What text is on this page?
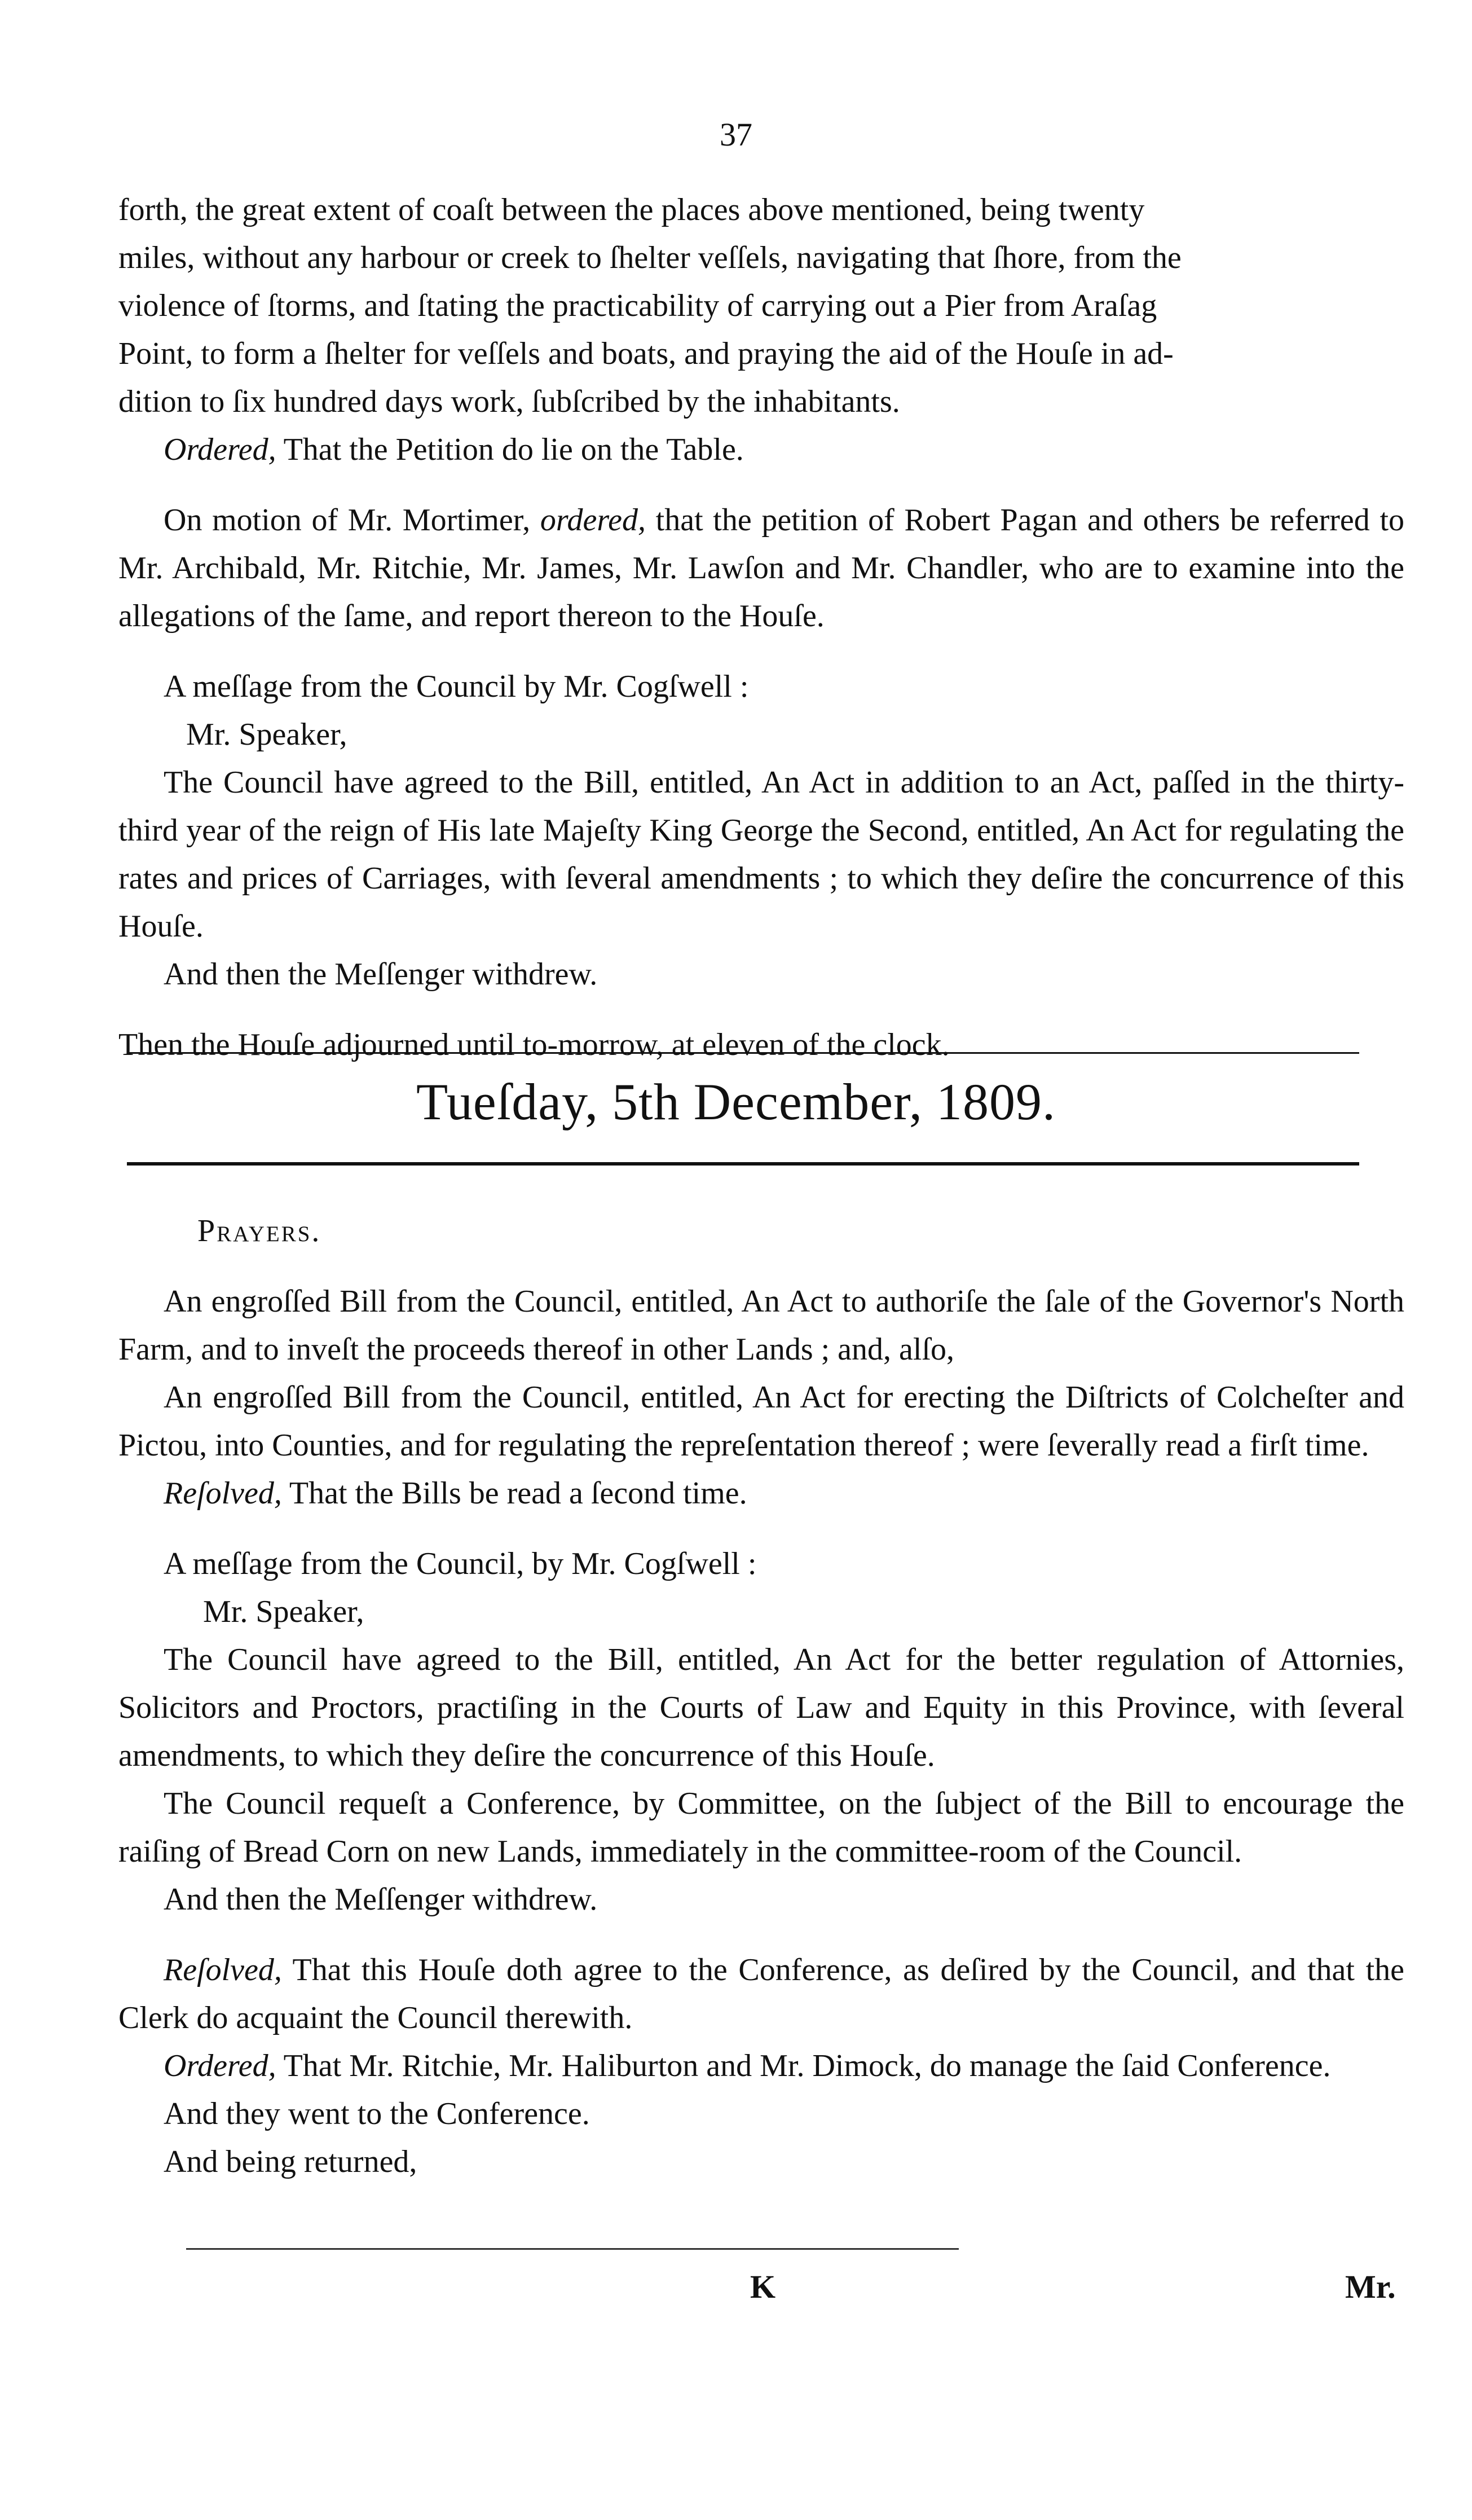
37

forth, the great extent of coaſt between the places above mentioned, being twenty

miles, without any harbour or creek to ſhelter veſſels, navigating that ſhore, from the

violence of ſtorms, and ſtating the practicability of carrying out a Pier from Araſag

Point, to form a ſhelter for veſſels and boats, and praying the aid of the Houſe in ad-

dition to ſix hundred days work, ſubſcribed by the inhabitants.

Ordered, That the Petition do lie on the Table.

On motion of Mr. Mortimer, ordered, that the petition of Robert Pagan and others be referred to Mr. Archibald, Mr. Ritchie, Mr. James, Mr. Lawſon and Mr. Chandler, who are to examine into the allegations of the ſame, and report thereon to the Houſe.

A meſſage from the Council by Mr. Cogſwell :

Mr. Speaker,

The Council have agreed to the Bill, entitled, An Act in addition to an Act, paſſed in the thirty-third year of the reign of His late Majeſty King George the Second, entitled, An Act for regulating the rates and prices of Carriages, with ſeveral amendments ; to which they deſire the concurrence of this Houſe.

And then the Meſſenger withdrew.

Then the Houſe adjourned until to-morrow, at eleven of the clock.

Tueſday, 5th December, 1809.

Prayers.

An engroſſed Bill from the Council, entitled, An Act to authoriſe the ſale of the Governor's North Farm, and to inveſt the proceeds thereof in other Lands ; and, alſo,

An engroſſed Bill from the Council, entitled, An Act for erecting the Diſtricts of Colcheſter and Pictou, into Counties, and for regulating the repreſentation thereof ; were ſeverally read a firſt time.

Reſolved, That the Bills be read a ſecond time.

A meſſage from the Council, by Mr. Cogſwell :

Mr. Speaker,

The Council have agreed to the Bill, entitled, An Act for the better regulation of Attornies, Solicitors and Proctors, practiſing in the Courts of Law and Equity in this Province, with ſeveral amendments, to which they deſire the concurrence of this Houſe.

The Council requeſt a Conference, by Committee, on the ſubject of the Bill to encourage the raiſing of Bread Corn on new Lands, immediately in the committee-room of the Council.

And then the Meſſenger withdrew.

Reſolved, That this Houſe doth agree to the Conference, as deſired by the Council, and that the Clerk do acquaint the Council therewith.

Ordered, That Mr. Ritchie, Mr. Haliburton and Mr. Dimock, do manage the ſaid Conference.

And they went to the Conference.

And being returned,

K	Mr.
